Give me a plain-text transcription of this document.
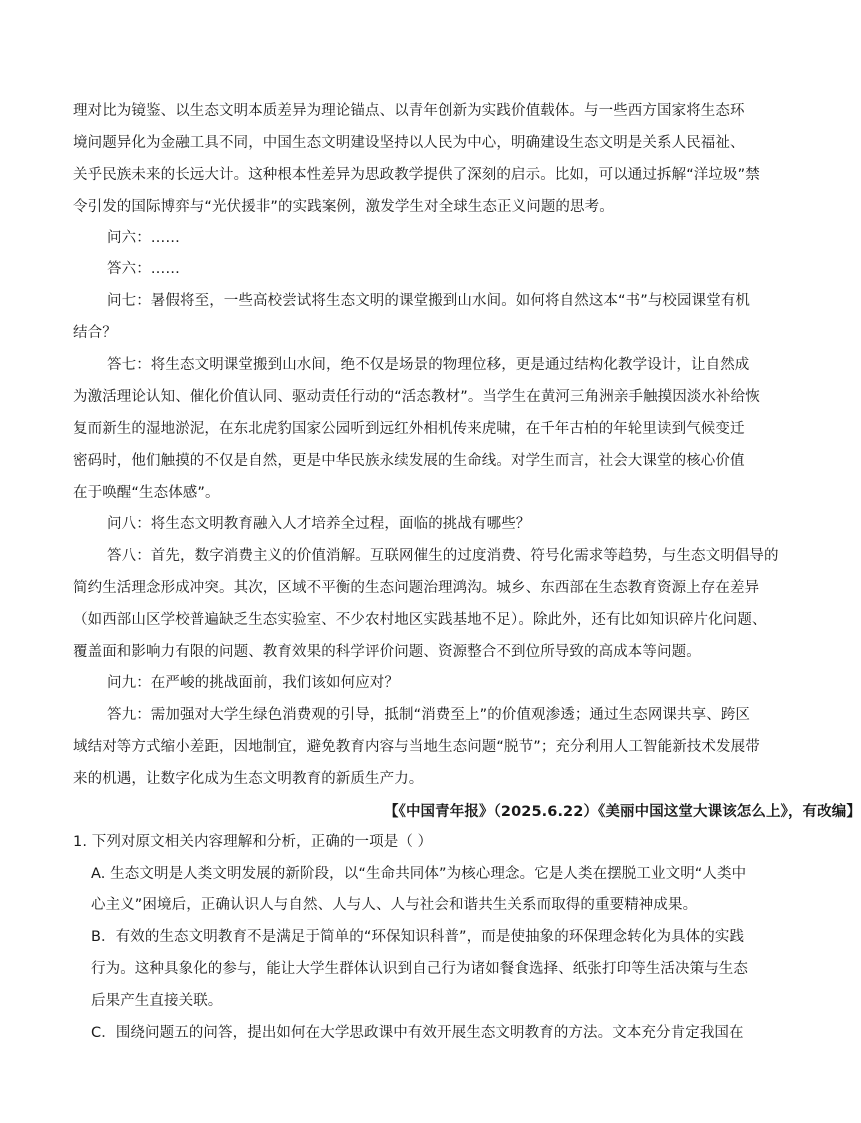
理对比为镜鉴、以生态文明本质差异为理论锚点、以青年创新为实践价值载体。与一些西方国家将生态环

境问题异化为金融工具不同，中国生态文明建设坚持以人民为中心，明确建设生态文明是关系人民福祉、

关乎民族未来的长远大计。这种根本性差异为思政教学提供了深刻的启示。比如，可以通过拆解“洋垃圾”禁

令引发的国际博弈与“光伏援非”的实践案例，激发学生对全球生态正义问题的思考。

问六：……

答六：……

问七：暑假将至，一些高校尝试将生态文明的课堂搬到山水间。如何将自然这本“书”与校园课堂有机

结合？

答七：将生态文明课堂搬到山水间，绝不仅是场景的物理位移，更是通过结构化教学设计，让自然成

为激活理论认知、催化价值认同、驱动责任行动的“活态教材”。当学生在黄河三角洲亲手触摸因淡水补给恢

复而新生的湿地淤泥，在东北虎豹国家公园听到远红外相机传来虎啸，在千年古柏的年轮里读到气候变迁

密码时，他们触摸的不仅是自然，更是中华民族永续发展的生命线。对学生而言，社会大课堂的核心价值

在于唤醒“生态体感”。

问八：将生态文明教育融入人才培养全过程，面临的挑战有哪些？

答八：首先，数字消费主义的价值消解。互联网催生的过度消费、符号化需求等趋势，与生态文明倡导的

简约生活理念形成冲突。其次，区域不平衡的生态问题治理鸿沟。城乡、东西部在生态教育资源上存在差异

（如西部山区学校普遍缺乏生态实验室、不少农村地区实践基地不足）。除此外，还有比如知识碎片化问题、

覆盖面和影响力有限的问题、教育效果的科学评价问题、资源整合不到位所导致的高成本等问题。

问九：在严峻的挑战面前，我们该如何应对？

答九：需加强对大学生绿色消费观的引导，抵制“消费至上”的价值观渗透；通过生态网课共享、跨区

域结对等方式缩小差距，因地制宜，避免教育内容与当地生态问题“脱节”；充分利用人工智能新技术发展带

来的机遇，让数字化成为生态文明教育的新质生产力。

【《中国青年报》（2025.6.22）《美丽中国这堂大课该怎么上》，有改编】

1. 下列对原文相关内容理解和分析，正确的一项是（ ）

A. 生态文明是人类文明发展的新阶段，以“生命共同体”为核心理念。它是人类在摆脱工业文明“人类中

心主义”困境后，正确认识人与自然、人与人、人与社会和谐共生关系而取得的重要精神成果。

B．有效的生态文明教育不是满足于简单的“环保知识科普”，而是使抽象的环保理念转化为具体的实践

行为。这种具象化的参与，能让大学生群体认识到自己行为诸如餐食选择、纸张打印等生活决策与生态

后果产生直接关联。

C．围绕问题五的问答，提出如何在大学思政课中有效开展生态文明教育的方法。文本充分肯定我国在
